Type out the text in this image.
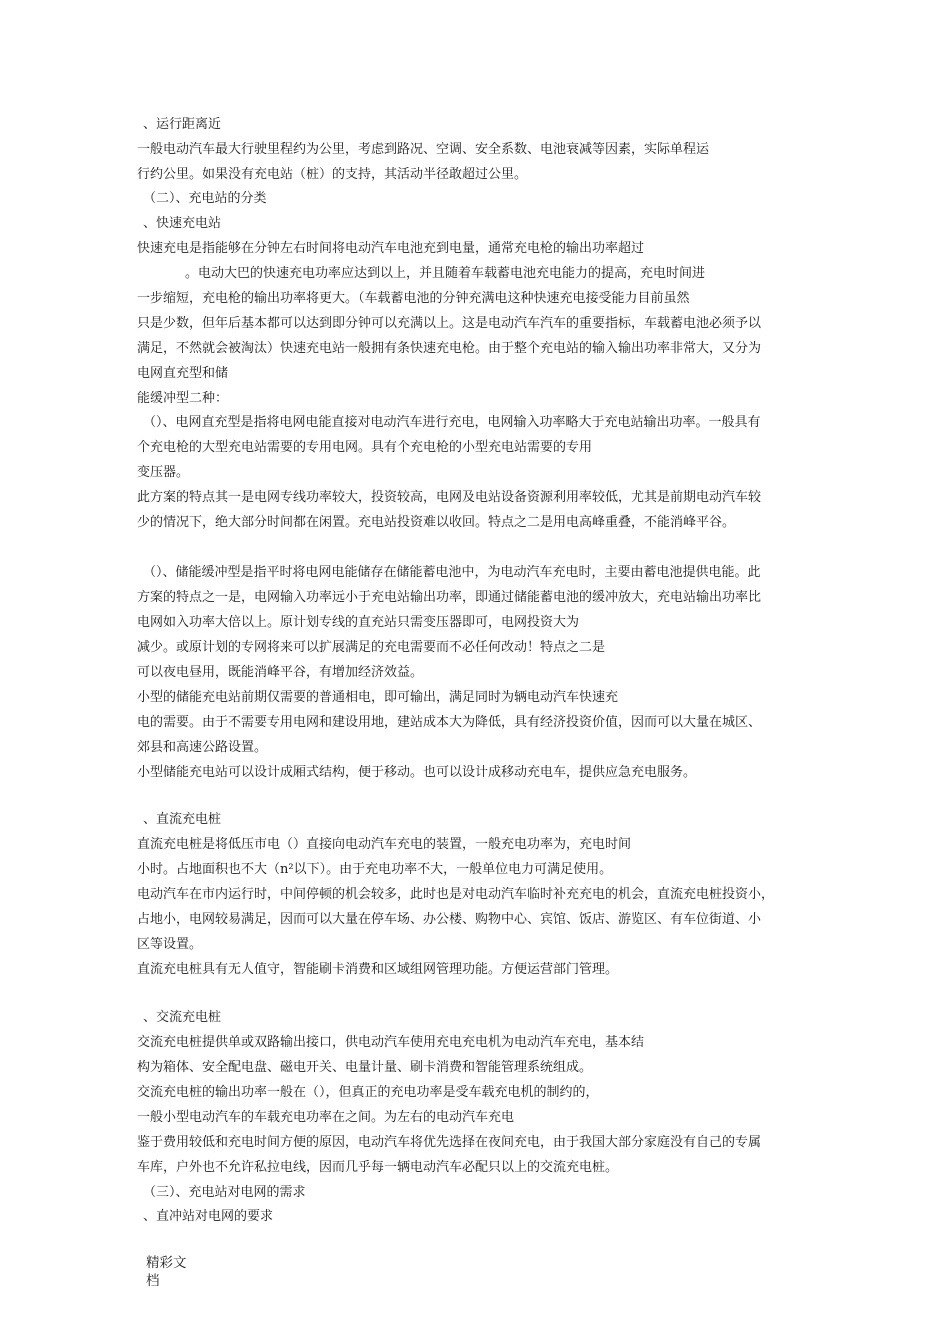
、运行距离近
一般电动汽车最大行驶里程约为公里，考虑到路况、空调、安全系数、电池衰减等因素，实际单程运
行约公里。如果没有充电站（桩）的支持，其活动半径敢超过公里。
（二）、充电站的分类
、快速充电站
快速充电是指能够在分钟左右时间将电动汽车电池充到电量，通常充电枪的输出功率超过
。电动大巴的快速充电功率应达到以上，并且随着车载蓄电池充电能力的提高，充电时间进
一步缩短，充电枪的输出功率将更大。（车载蓄电池的分钟充满电这种快速充电接受能力目前虽然
只是少数，但年后基本都可以达到即分钟可以充满以上。这是电动汽车汽车的重要指标，车载蓄电池必须予以
满足，不然就会被淘汰）快速充电站一般拥有条快速充电枪。由于整个充电站的输入输出功率非常大，又分为
电网直充型和储
能缓冲型二种：
（）、电网直充型是指将电网电能直接对电动汽车进行充电，电网输入功率略大于充电站输出功率。一般具有
个充电枪的大型充电站需要的专用电网。具有个充电枪的小型充电站需要的专用
变压器。
此方案的特点其一是电网专线功率较大，投资较高，电网及电站设备资源利用率较低，尤其是前期电动汽车较
少的情况下，绝大部分时间都在闲置。充电站投资难以收回。特点之二是用电高峰重叠，不能消峰平谷。
（）、储能缓冲型是指平时将电网电能储存在储能蓄电池中，为电动汽车充电时，主要由蓄电池提供电能。此
方案的特点之一是，电网输入功率远小于充电站输出功率，即通过储能蓄电池的缓冲放大，充电站输出功率比
电网如入功率大倍以上。原计划专线的直充站只需变压器即可，电网投资大为
减少。或原计划的专网将来可以扩展满足的充电需要而不必任何改动！特点之二是
可以夜电昼用，既能消峰平谷，有增加经济效益。
小型的储能充电站前期仅需要的普通相电，即可输出，满足同时为辆电动汽车快速充
电的需要。由于不需要专用电网和建设用地，建站成本大为降低，具有经济投资价值，因而可以大量在城区、
郊县和高速公路设置。
小型储能充电站可以设计成厢式结构，便于移动。也可以设计成移动充电车，提供应急充电服务。
、直流充电桩
直流充电桩是将低压市电（）直接向电动汽车充电的装置，一般充电功率为，充电时间
小时。占地面积也不大（n²以下）。由于充电功率不大，一般单位电力可满足使用。
电动汽车在市内运行时，中间停顿的机会较多，此时也是对电动汽车临时补充充电的机会，直流充电桩投资小，
占地小，电网较易满足，因而可以大量在停车场、办公楼、购物中心、宾馆、饭店、游览区、有车位街道、小
区等设置。
直流充电桩具有无人值守，智能刷卡消费和区域组网管理功能。方便运营部门管理。
、交流充电桩
交流充电桩提供单或双路输出接口，供电动汽车使用充电充电机为电动汽车充电，基本结
构为箱体、安全配电盘、磁电开关、电量计量、刷卡消费和智能管理系统组成。
交流充电桩的输出功率一般在（），但真正的充电功率是受车载充电机的制约的，
一般小型电动汽车的车载充电功率在之间。为左右的电动汽车充电
鉴于费用较低和充电时间方便的原因，电动汽车将优先选择在夜间充电，由于我国大部分家庭没有自己的专属
车库，户外也不允许私拉电线，因而几乎每一辆电动汽车必配只以上的交流充电桩。
（三）、充电站对电网的需求
、直冲站对电网的要求
精彩文
档
